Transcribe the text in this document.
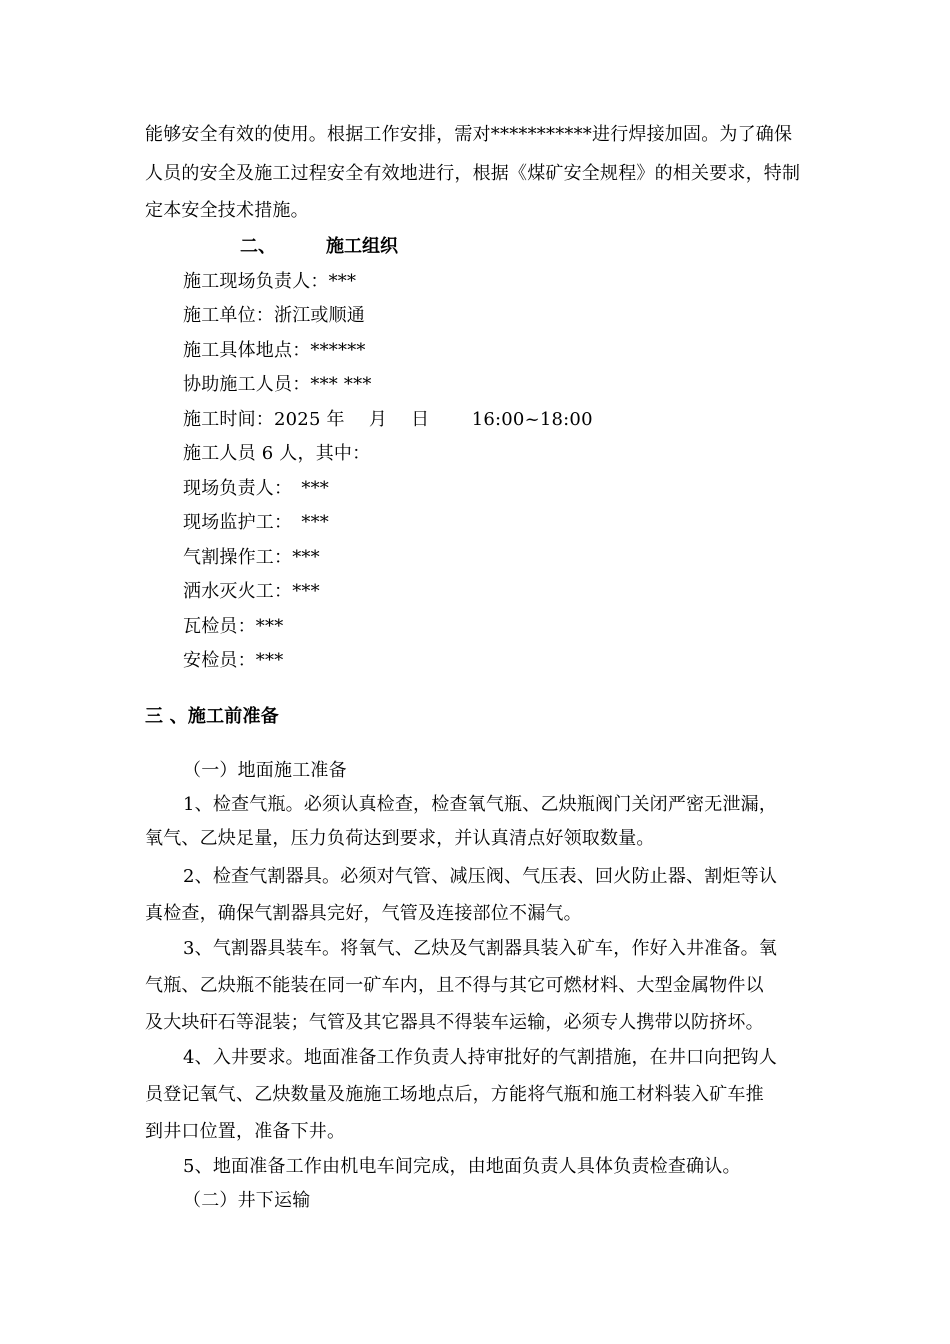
能够安全有效的使用。根据工作安排，需对***********进行焊接加固。为了确保
人员的安全及施工过程安全有效地进行，根据《煤矿安全规程》的相关要求，特制
定本安全技术措施。
二、	施工组织
施工现场负责人：***
施工单位：浙江或顺通
施工具体地点：******
协助施工人员：*** ***
施工时间：2025 年　 月　 日　　 16:00~18:00
施工人员 6 人，其中：
现场负责人：　***
现场监护工：　***
气割操作工：***
洒水灭火工：***
瓦检员：***
安检员：***
三 、施工前准备
（一）地面施工准备
1、检查气瓶。必须认真检查，检查氧气瓶、乙炔瓶阀门关闭严密无泄漏，
氧气、乙炔足量，压力负荷达到要求，并认真清点好领取数量。
2、检查气割器具。必须对气管、减压阀、气压表、回火防止器、割炬等认
真检查，确保气割器具完好，气管及连接部位不漏气。
3、气割器具装车。将氧气、乙炔及气割器具装入矿车，作好入井准备。氧
气瓶、乙炔瓶不能装在同一矿车内，且不得与其它可燃材料、大型金属物件以
及大块矸石等混装；气管及其它器具不得装车运输，必须专人携带以防挤坏。
4、入井要求。地面准备工作负责人持审批好的气割措施，在井口向把钩人
员登记氧气、乙炔数量及施施工场地点后，方能将气瓶和施工材料装入矿车推
到井口位置，准备下井。
5、地面准备工作由机电车间完成，由地面负责人具体负责检查确认。
（二）井下运输
